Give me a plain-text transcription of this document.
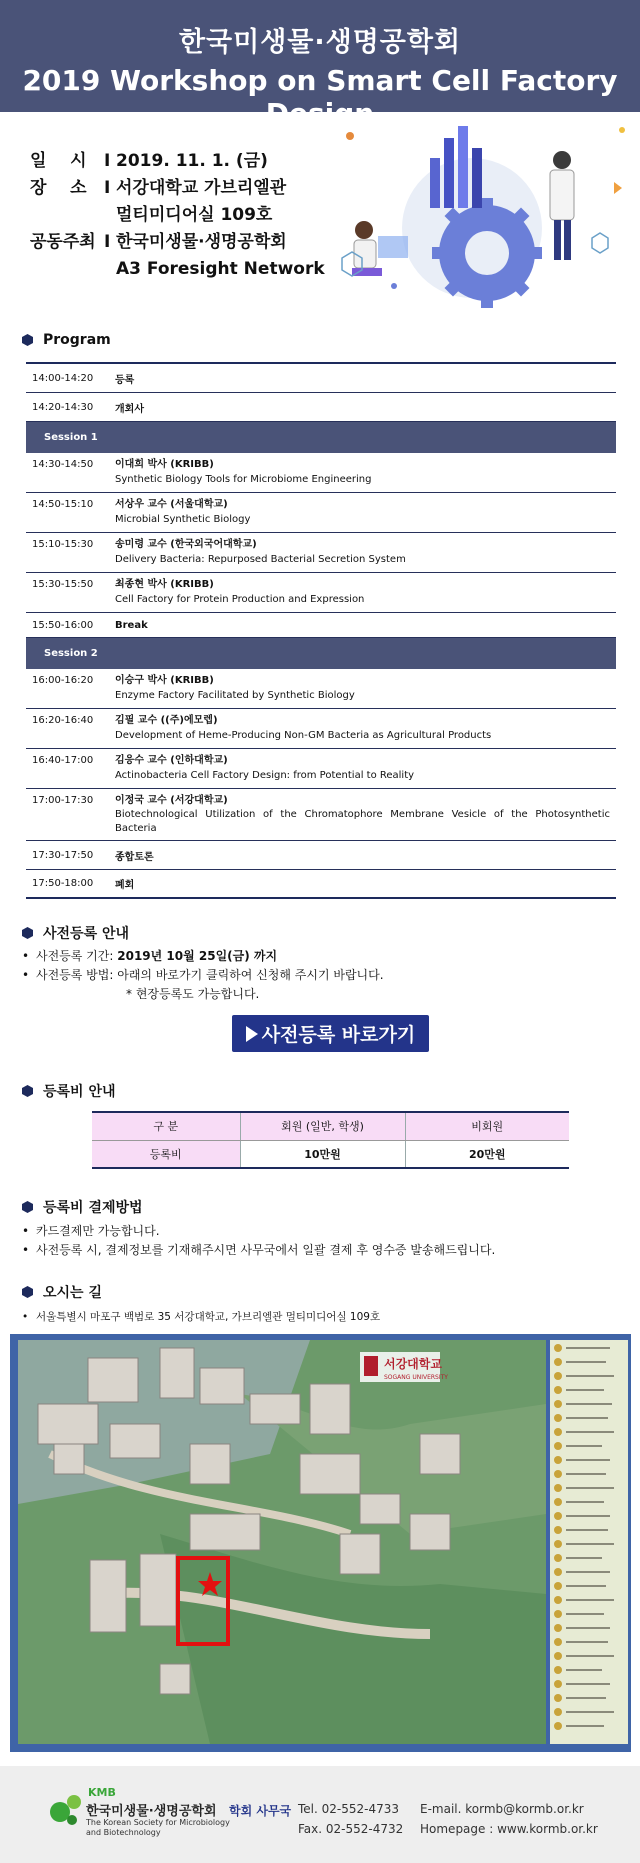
한국미생물·생명공학회
2019 Workshop on Smart Cell Factory Design
일    시	I 2019. 11. 1. (금)
장    소	I 서강대학교 가브리엘관
멀티미디어실 109호
공동주최 I 한국미생물·생명공학회
A3 Foresight Network
Program
14:00-14:20	등록
14:20-14:30	개회사
Session 1
14:30-14:50	이대희 박사 (KRIBB)
Synthetic Biology Tools for Microbiome Engineering
14:50-15:10	서상우 교수 (서울대학교)
Microbial Synthetic Biology
15:10-15:30	송미령 교수 (한국외국어대학교)
Delivery Bacteria: Repurposed Bacterial Secretion System
15:30-15:50	최종현 박사 (KRIBB)
Cell Factory for Protein Production and Expression
15:50-16:00	Break
Session 2
16:00-16:20	이승구 박사 (KRIBB)
Enzyme Factory Facilitated by Synthetic Biology
16:20-16:40	김필 교수 ((주)에모렙)
Development of Heme-Producing Non-GM Bacteria as Agricultural Products
16:40-17:00	김응수 교수 (인하대학교)
Actinobacteria Cell Factory Design: from Potential to Reality
17:00-17:30	이정국 교수 (서강대학교)
Biotechnological Utilization of the Chromatophore Membrane Vesicle of the Photosynthetic Bacteria
17:30-17:50	종합토론
17:50-18:00	폐회
사전등록 안내
• 사전등록 기간:
2019년 10월 25일(금) 까지
• 사전등록 방법: 아래의 바로가기 클릭하여 신청해 주시기 바랍니다.
* 현장등록도 가능합니다.
사전등록 바로가기
등록비 안내
구 분	회원 (일반, 학생)	비회원
등록비	10만원	20만원
등록비 결제방법
• 카드결제만 가능합니다.
• 사전등록 시, 결제정보를 기재해주시면 사무국에서 일괄 결제 후 영수증 발송해드립니다.
오시는 길
• 서울특별시 마포구 백범로 35 서강대학교, 가브리엘관 멀티미디어실 109호
서강대학교
SOGANG UNIVERSITY
KMB
한국미생물·생명공학회
The Korean Society for Microbiology
and Biotechnology
학회 사무국 Tel. 02-552-4733
Fax. 02-552-4732
E-mail. kormb@kormb.or.kr
Homepage : www.kormb.or.kr
